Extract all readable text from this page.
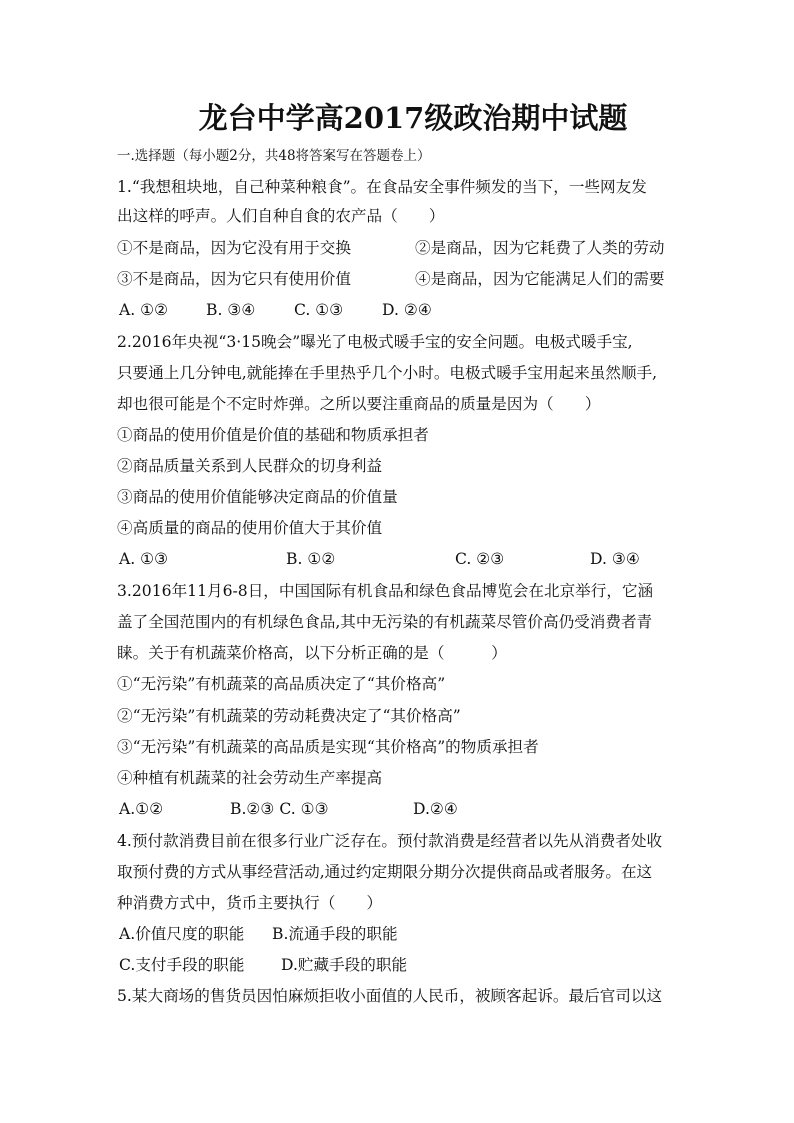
龙台中学高2017级政治期中试题
一.选择题（每小题2分，共48将答案写在答题卷上）
1.“我想租块地，自己种菜种粮食”。在食品安全事件频发的当下，一些网友发
出这样的呼声。人们自种自食的农产品（　　）
①不是商品，因为它没有用于交换	②是商品，因为它耗费了人类的劳动
③不是商品，因为它只有使用价值	④是商品，因为它能满足人们的需要
A. ①② B. ③④ C. ①③ D. ②④
2.2016年央视“3·15晚会”曝光了电极式暖手宝的安全问题。电极式暖手宝,
只要通上几分钟电,就能捧在手里热乎几个小时。电极式暖手宝用起来虽然顺手,
却也很可能是个不定时炸弹。之所以要注重商品的质量是因为（　　）
①商品的使用价值是价值的基础和物质承担者
②商品质量关系到人民群众的切身利益
③商品的使用价值能够决定商品的价值量
④高质量的商品的使用价值大于其价值
A. ①③	B. ①②	C. ②③	D. ③④
3.2016年11月6-8日，中国国际有机食品和绿色食品博览会在北京举行，它涵
盖了全国范围内的有机绿色食品,其中无污染的有机蔬菜尽管价高仍受消费者青
睐。关于有机蔬菜价格高，以下分析正确的是（　　　）
①“无污染”有机蔬菜的高品质决定了“其价格高”
②“无污染”有机蔬菜的劳动耗费决定了“其价格高”
③“无污染”有机蔬菜的高品质是实现“其价格高”的物质承担者
④种植有机蔬菜的社会劳动生产率提高
A.①②	B.②③ C. ①③	D.②④
4.预付款消费目前在很多行业广泛存在。预付款消费是经营者以先从消费者处收
取预付费的方式从事经营活动,通过约定期限分期分次提供商品或者服务。在这
种消费方式中，货币主要执行（　　）
A.价值尺度的职能 B.流通手段的职能
C.支付手段的职能 D.贮藏手段的职能
5.某大商场的售货员因怕麻烦拒收小面值的人民币，被顾客起诉。最后官司以这
